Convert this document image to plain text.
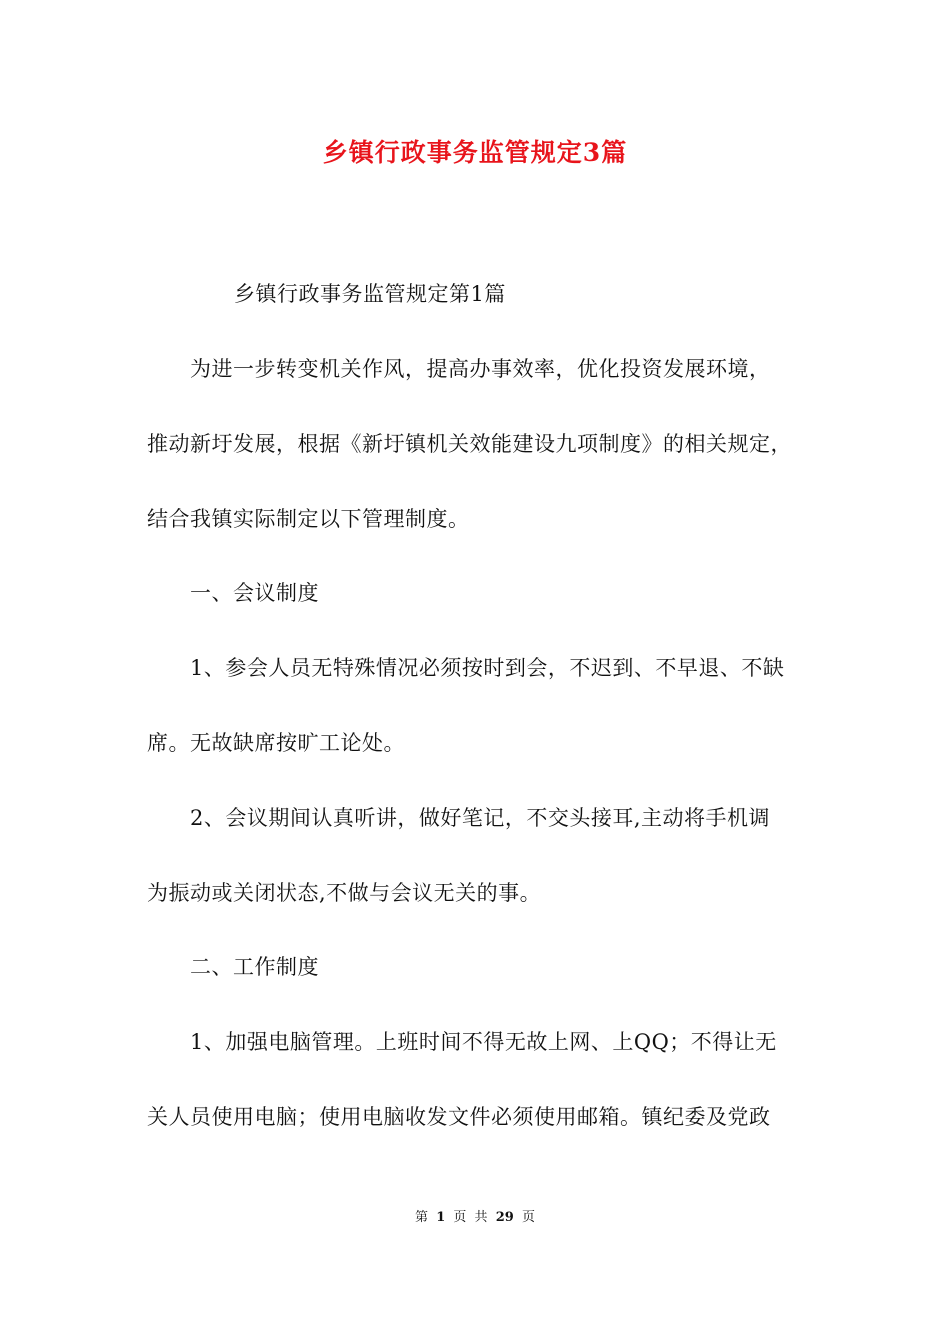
乡镇行政事务监管规定3篇
乡镇行政事务监管规定第1篇
为进一步转变机关作风，提高办事效率，优化投资发展环境，
推动新圩发展，根据《新圩镇机关效能建设九项制度》的相关规定，
结合我镇实际制定以下管理制度。
一、会议制度
1、参会人员无特殊情况必须按时到会，不迟到、不早退、不缺
席。无故缺席按旷工论处。
2、会议期间认真听讲，做好笔记，不交头接耳,主动将手机调
为振动或关闭状态,不做与会议无关的事。
二、工作制度
1、加强电脑管理。上班时间不得无故上网、上QQ；不得让无
关人员使用电脑；使用电脑收发文件必须使用邮箱。镇纪委及党政
第 1 页 共 29 页
